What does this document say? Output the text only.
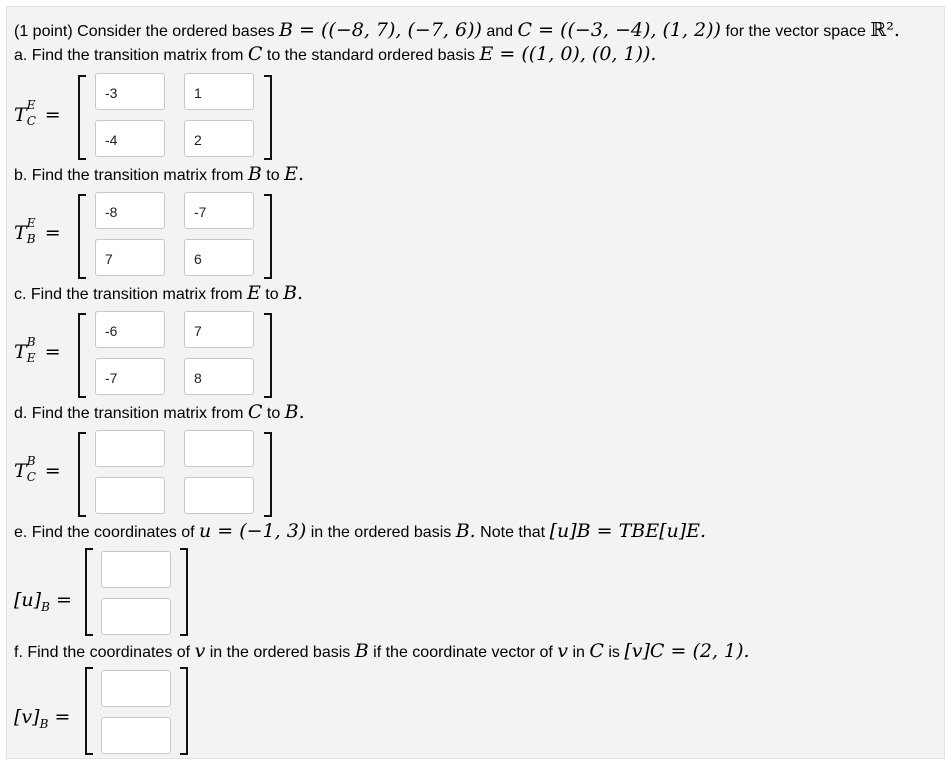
(1 point) Consider the ordered bases B = ((−8, 7), (−7, 6)) and C = ((−3, −4), (1, 2)) for the vector space ℝ².
a. Find the transition matrix from C to the standard ordered basis E = ((1, 0), (0, 1)).
T E
C =
-3	1
-4	2
b. Find the transition matrix from B to E.
T E
B =
-8	-7
7	6
c. Find the transition matrix from E to B.
T B
E =
-6	7
-7	8
d. Find the transition matrix from C to B.
T B
C =
e. Find the coordinates of u = (−1, 3) in the ordered basis B. Note that [u]B = TBE[u]E.
$[u]_B$ =
f. Find the coordinates of v in the ordered basis B if the coordinate vector of v in C is [v]C = (2, 1).
$[v]_B$ =
